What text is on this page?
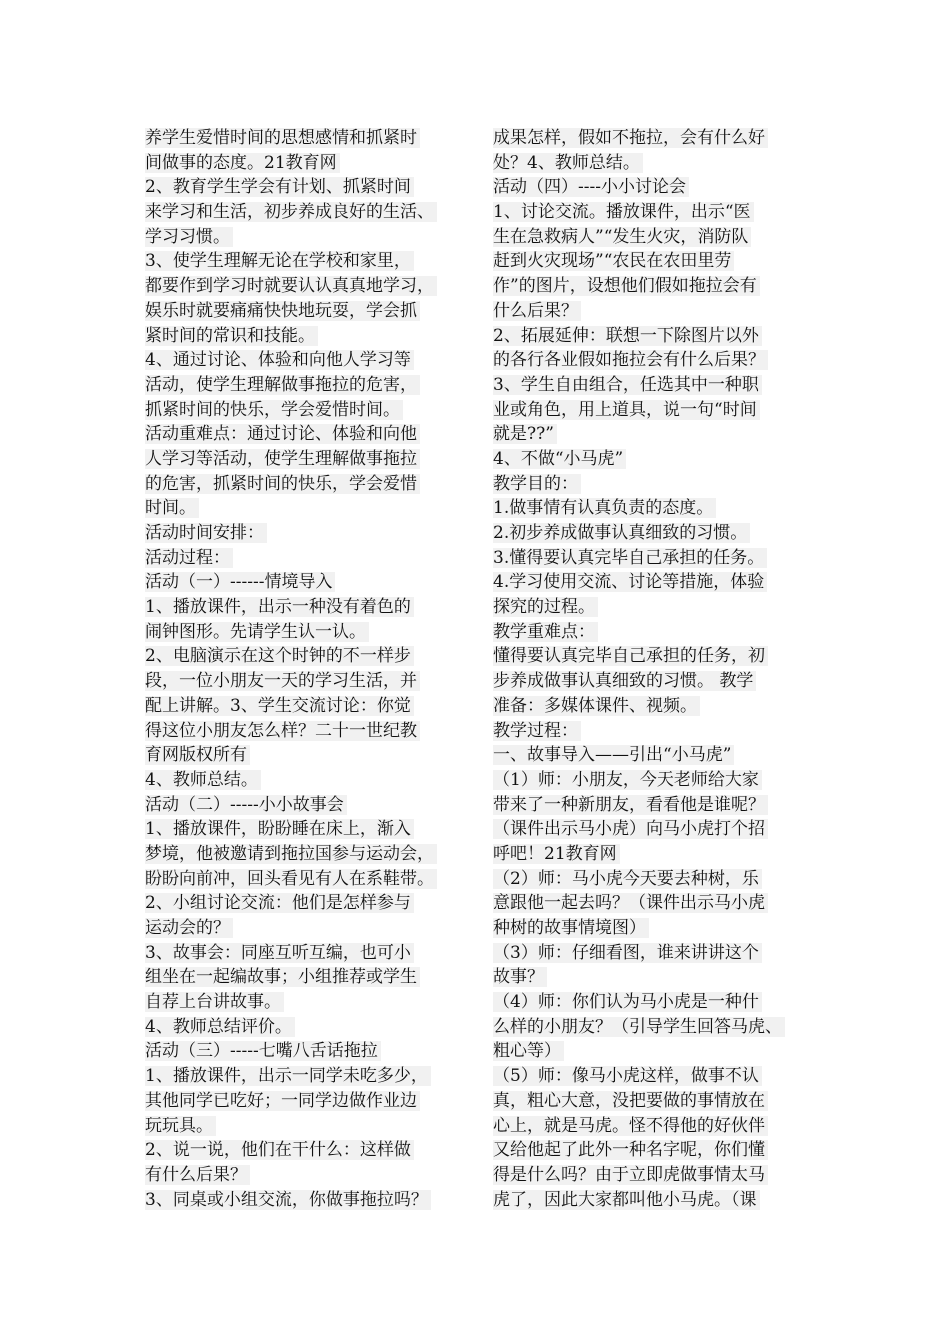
养学生爱惜时间的思想感情和抓紧时
间做事的态度。21教育网
2、教育学生学会有计划、抓紧时间
来学习和生活，初步养成良好的生活、
学习习惯。
3、使学生理解无论在学校和家里，
都要作到学习时就要认认真真地学习，
娱乐时就要痛痛快快地玩耍，学会抓
紧时间的常识和技能。
4、通过讨论、体验和向他人学习等
活动，使学生理解做事拖拉的危害，
抓紧时间的快乐，学会爱惜时间。
活动重难点：通过讨论、体验和向他
人学习等活动，使学生理解做事拖拉
的危害，抓紧时间的快乐，学会爱惜
时间。
活动时间安排：
活动过程：
活动（一）------情境导入
1、播放课件，出示一种没有着色的
闹钟图形。先请学生认一认。
2、电脑演示在这个时钟的不一样步
段，一位小朋友一天的学习生活，并
配上讲解。3、学生交流讨论：你觉
得这位小朋友怎么样？二十一世纪教
育网版权所有
4、教师总结。
活动（二）-----小小故事会
1、播放课件，盼盼睡在床上，渐入
梦境，他被邀请到拖拉国参与运动会，
盼盼向前冲，回头看见有人在系鞋带。
2、小组讨论交流：他们是怎样参与
运动会的？
3、故事会：同座互听互编，也可小
组坐在一起编故事；小组推荐或学生
自荐上台讲故事。
4、教师总结评价。
活动（三）-----七嘴八舌话拖拉
1、播放课件，出示一同学未吃多少，
其他同学已吃好；一同学边做作业边
玩玩具。
2、说一说，他们在干什么：这样做
有什么后果？
3、同桌或小组交流，你做事拖拉吗？
成果怎样，假如不拖拉，会有什么好
处？4、教师总结。
活动（四）----小小讨论会
1、讨论交流。播放课件，出示“医
生在急救病人”“发生火灾，消防队
赶到火灾现场”“农民在农田里劳
作”的图片，设想他们假如拖拉会有
什么后果？
2、拓展延伸：联想一下除图片以外
的各行各业假如拖拉会有什么后果？
3、学生自由组合，任选其中一种职
业或角色，用上道具，说一句“时间
就是??”
4、不做“小马虎”
教学目的：
1.做事情有认真负责的态度。
2.初步养成做事认真细致的习惯。
3.懂得要认真完毕自己承担的任务。
4.学习使用交流、讨论等措施，体验
探究的过程。
教学重难点：
懂得要认真完毕自己承担的任务，初
步养成做事认真细致的习惯。 教学
准备：多媒体课件、视频。
教学过程：
一、故事导入——引出“小马虎”
（1）师：小朋友，今天老师给大家
带来了一种新朋友，看看他是谁呢？
（课件出示马小虎）向马小虎打个招
呼吧！21教育网
（2）师：马小虎今天要去种树，乐
意跟他一起去吗？（课件出示马小虎
种树的故事情境图）
（3）师：仔细看图，谁来讲讲这个
故事？
（4）师：你们认为马小虎是一种什
么样的小朋友？（引导学生回答马虎、
粗心等）
（5）师：像马小虎这样，做事不认
真，粗心大意，没把要做的事情放在
心上，就是马虎。怪不得他的好伙伴
又给他起了此外一种名字呢，你们懂
得是什么吗？由于立即虎做事情太马
虎了，因此大家都叫他小马虎。（课
